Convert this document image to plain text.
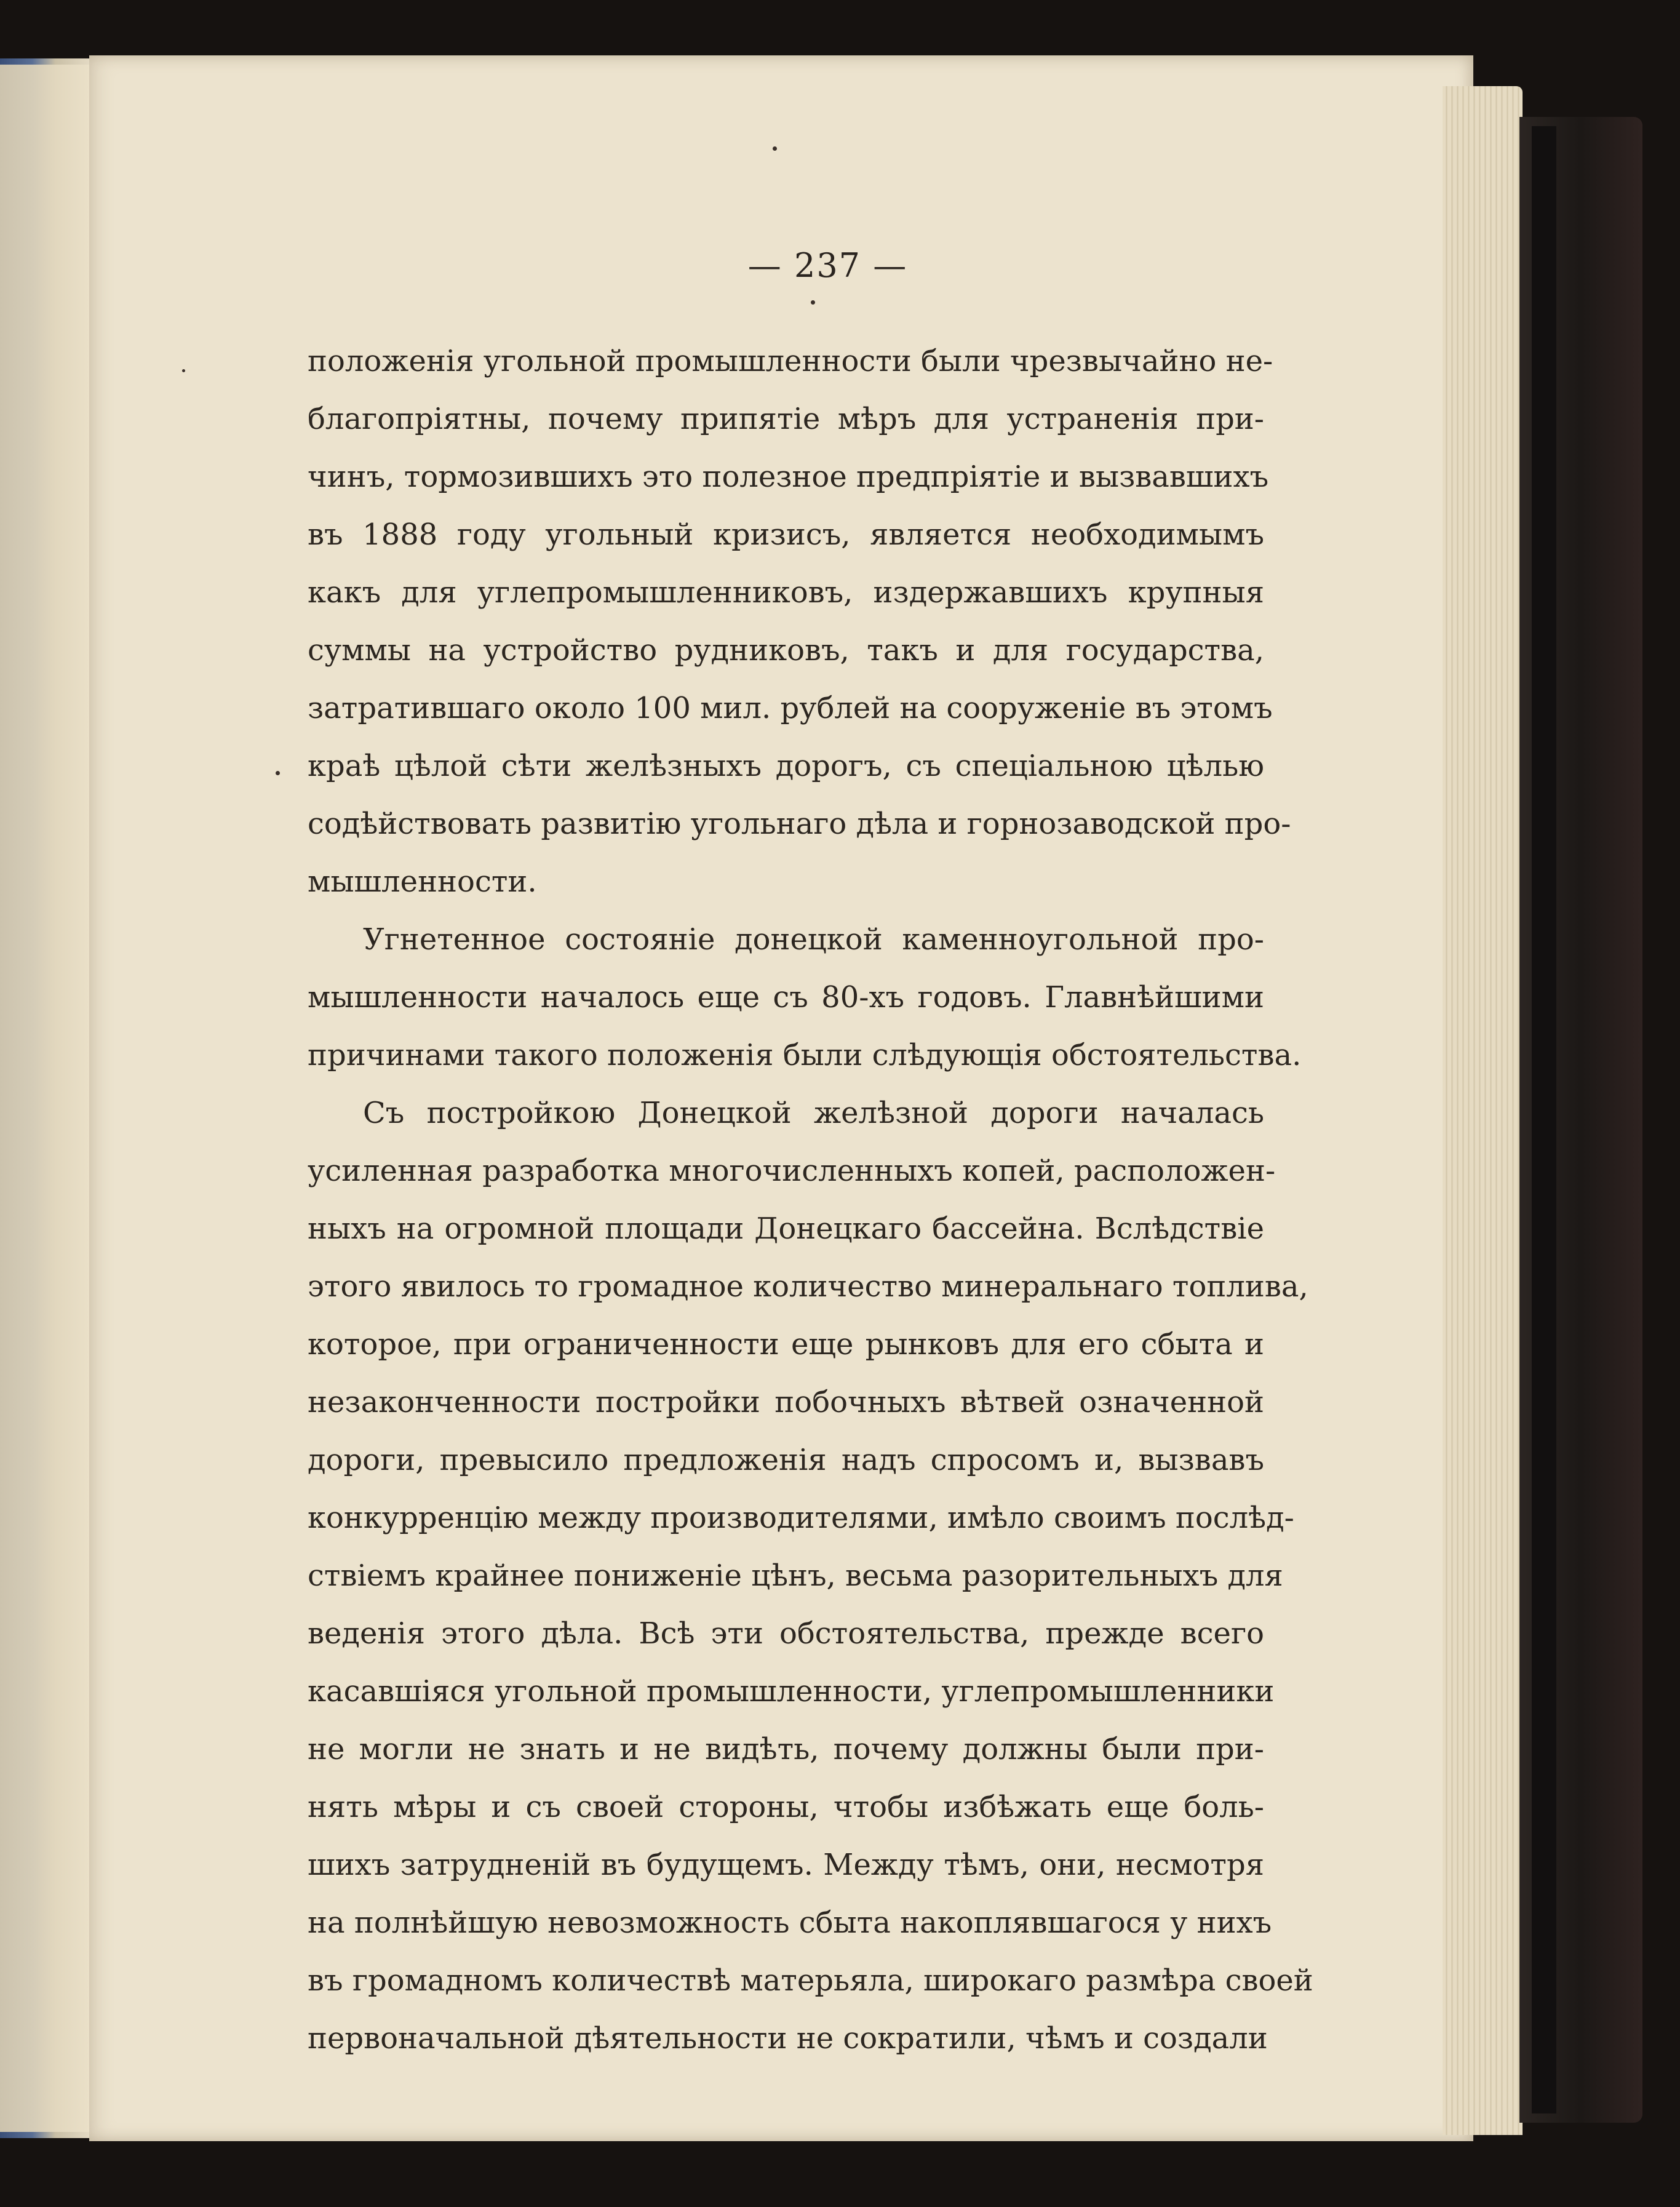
— 237 —
положенія угольной промышленности были чрезвычайно не-
благопріятны, почему припятіе мѣръ для устраненія при-
чинъ, тормозившихъ это полезное предпріятіе и вызвавшихъ
въ 1888 году угольный кризисъ, является необходимымъ
какъ для углепромышленниковъ, издержавшихъ крупныя
суммы на устройство рудниковъ, такъ и для государства,
затратившаго около 100 мил. рублей на сооруженіе въ этомъ
краѣ цѣлой сѣти желѣзныхъ дорогъ, съ спеціальною цѣлью
содѣйствовать развитію угольнаго дѣла и горнозаводской про-
мышленности.
Угнетенное состояніе донецкой каменноугольной про-
мышленности началось еще съ 80-хъ годовъ. Главнѣйшими
причинами такого положенія были слѣдующія обстоятельства.
Съ постройкою Донецкой желѣзной дороги началась
усиленная разработка многочисленныхъ копей, расположен-
ныхъ на огромной площади Донецкаго бассейна. Вслѣдствіе
этого явилось то громадное количество минеральнаго топлива,
которое, при ограниченности еще рынковъ для его сбыта и
незаконченности постройки побочныхъ вѣтвей означенной
дороги, превысило предложенія надъ спросомъ и, вызвавъ
конкурренцію между производителями, имѣло своимъ послѣд-
ствіемъ крайнее пониженіе цѣнъ, весьма разорительныхъ для
веденія этого дѣла. Всѣ эти обстоятельства, прежде всего
касавшіяся угольной промышленности, углепромышленники
не могли не знать и не видѣть, почему должны были при-
нять мѣры и съ своей стороны, чтобы избѣжать еще боль-
шихъ затрудненій въ будущемъ. Между тѣмъ, они, несмотря
на полнѣйшую невозможность сбыта накоплявшагося у нихъ
въ громадномъ количествѣ матерьяла, широкаго размѣра своей
первоначальной дѣятельности не сократили, чѣмъ и создали
